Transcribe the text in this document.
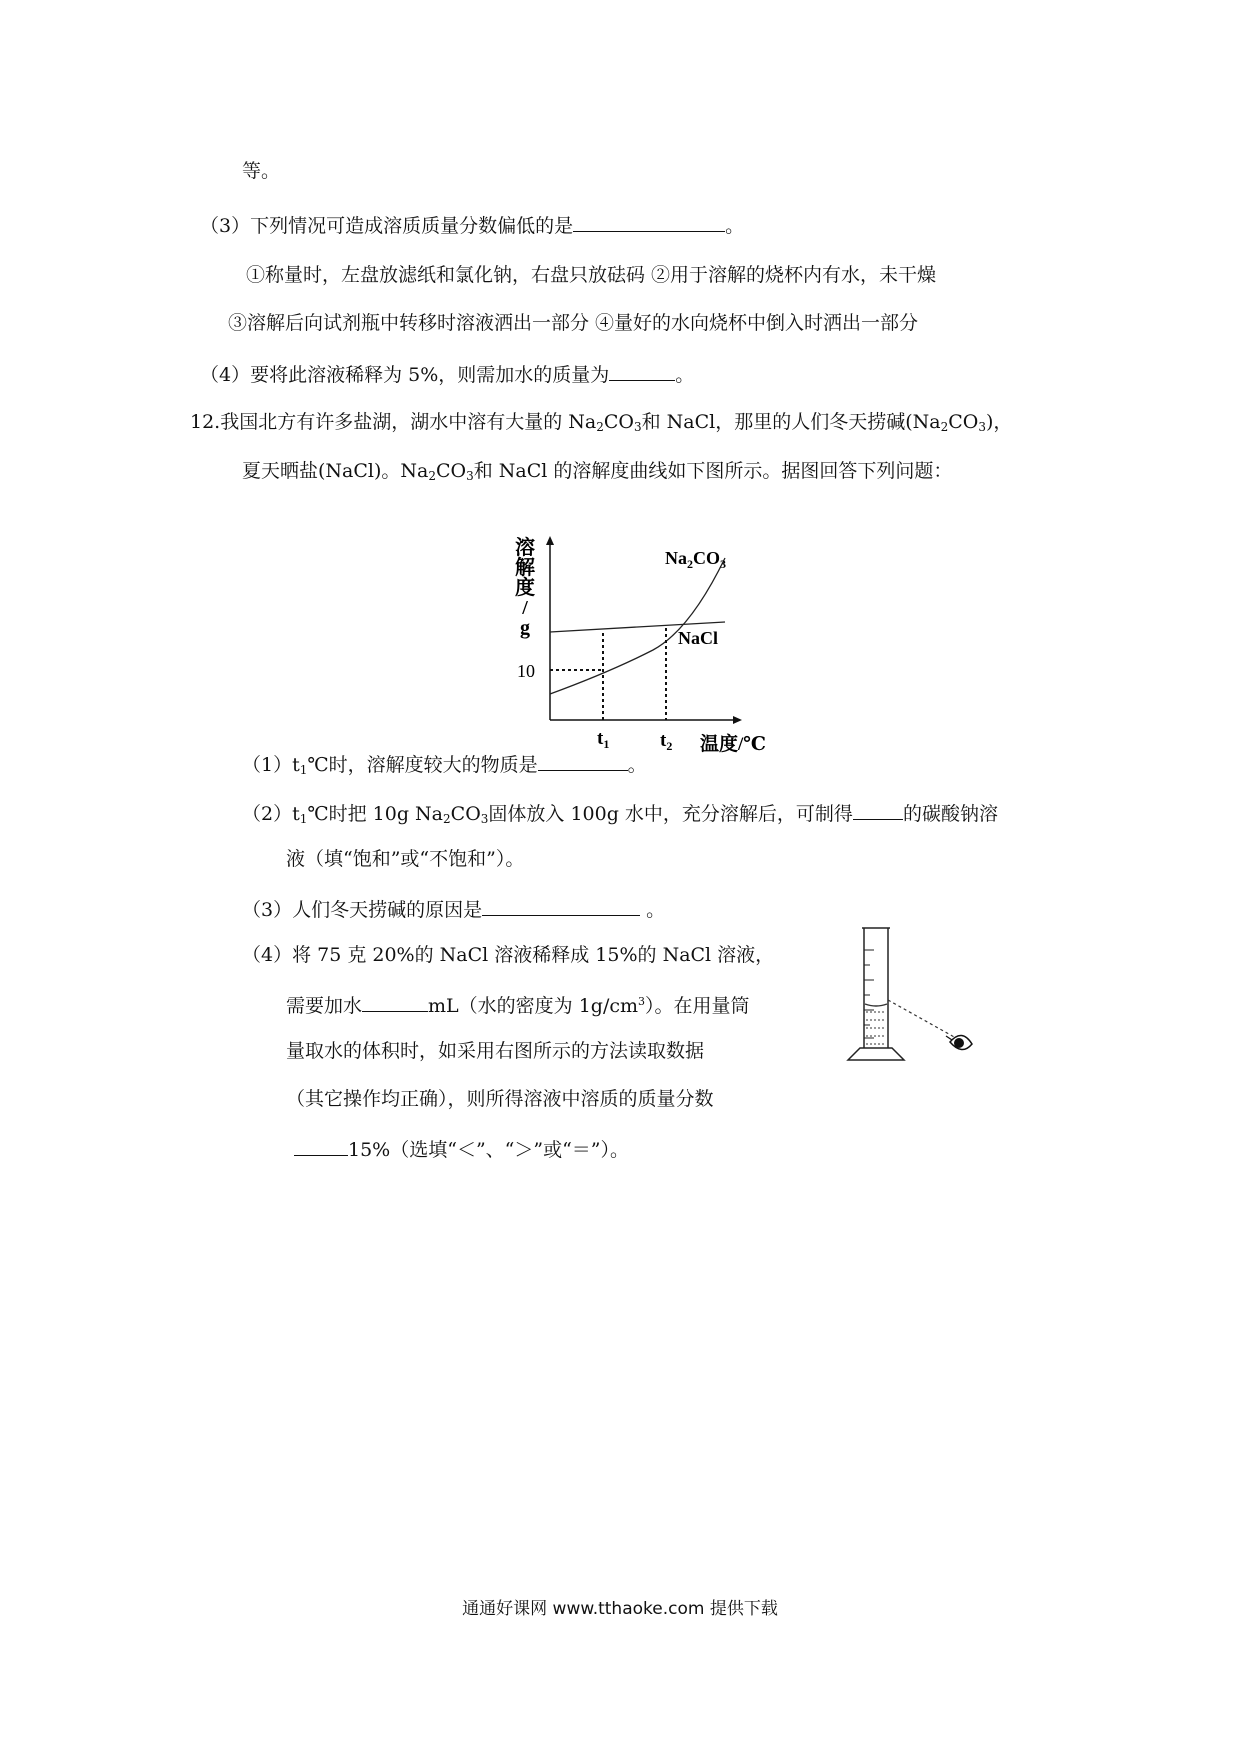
等。
（3）下列情况可造成溶质质量分数偏低的是	。
①称量时，左盘放滤纸和氯化钠，右盘只放砝码 ②用于溶解的烧杯内有水，未干燥
③溶解后向试剂瓶中转移时溶液洒出一部分 ④量好的水向烧杯中倒入时洒出一部分
（4）要将此溶液稀释为 5%，则需加水的质量为	。
12.我国北方有许多盐湖，湖水中溶有大量的 $Na_2CO_3$和 NaCl，那里的人们冬天捞碱$(Na_2CO_3)$，
夏天晒盐(NaCl)。$Na_2CO_3$和 NaCl 的溶解度曲线如下图所示。据图回答下列问题：
溶
解
度
/
g
10
$t_1$	$t_2$ 温度/℃
$Na_2CO_3$
NaCl
$(1)t_1℃$时，溶解度较大的物质是	。
$(2)t_1℃$时把 10g $Na_2CO_3$固体放入 100g 水中，充分溶解后，可制得	的碳酸钠溶
液（填“饱和”或“不饱和”）。
（3）人们冬天捞碱的原因是	。
（4）将 75 克 20%的 NaCl 溶液稀释成 15%的 NaCl 溶液，
需要加水	mL（水的密度为 $1g/cm^3$）。在用量筒
量取水的体积时，如采用右图所示的方法读取数据
（其它操作均正确），则所得溶液中溶质的质量分数
15%（选填“＜”、“＞”或“＝”）。
通通好课网 www.tthaoke.com 提供下载
